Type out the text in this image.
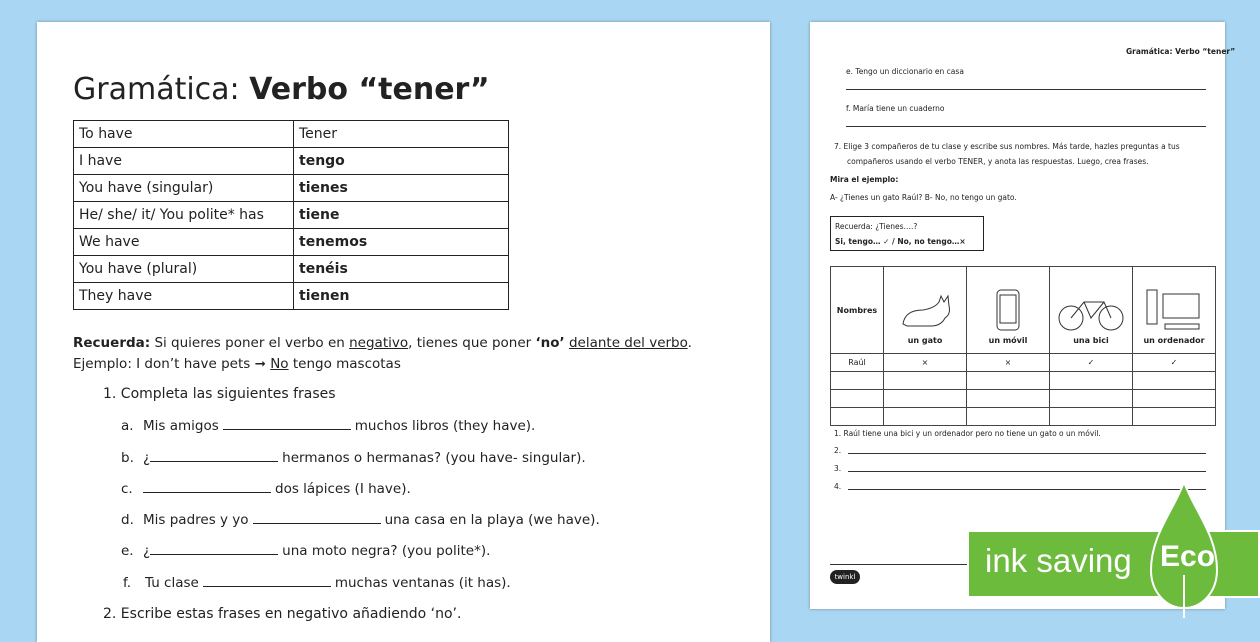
Gramática: Verbo “tener”
To have	Tener
I have	tengo
You have (singular)	tienes
He/ she/ it/ You polite* has	tiene
We have	tenemos
You have (plural)	tenéis
They have	tienen
Recuerda: Si quieres poner el verbo en negativo, tienes que poner ‘no’ delante del verbo.
Ejemplo: I don’t have pets ➞ No tengo mascotas
1. Completa las siguientes frases
a. Mis amigos	muchos libros (they have).
b. ¿	hermanos o hermanas? (you have- singular).
c.	dos lápices (I have).
d. Mis padres y yo	una casa en la playa (we have).
e. ¿	una moto negra? (you polite*).
f. Tu clase	muchas ventanas (it has).
2. Escribe estas frases en negativo añadiendo ‘no’.
Gramática: Verbo “tener”
e. Tengo un diccionario en casa
f. María tiene un cuaderno
7. Elige 3 compañeros de tu clase y escribe sus nombres. Más tarde, hazles preguntas a tus
compañeros usando el verbo TENER, y anota las respuestas. Luego, crea frases.
Mira el ejemplo:
A- ¿Tienes un gato Raúl? B- No, no tengo un gato.
Recuerda: ¿Tienes….?
Si, tengo… ✓ / No, no tengo…×
Nombres	un gato	un móvil	una bici	un ordenador
Raúl	×	×	✓	✓

1. Raúl tiene una bici y un ordenador pero no tiene un gato o un móvil.
2.
3.
4.
twinkl	ink saving Eco
